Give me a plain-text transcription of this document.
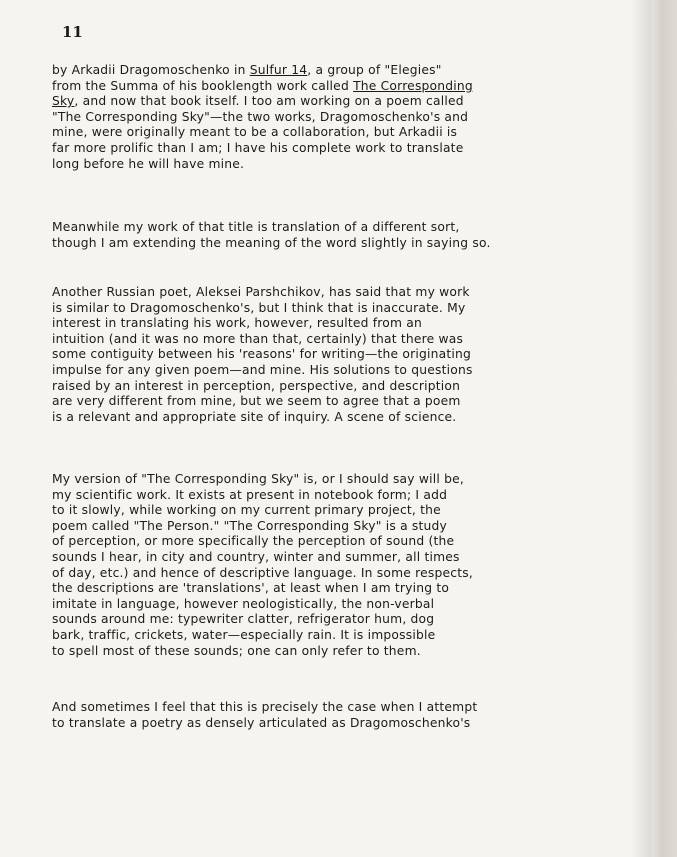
11

by Arkadii Dragomoschenko in Sulfur 14, a group of "Elegies"
from the Summa of his booklength work called The Corresponding
Sky, and now that book itself. I too am working on a poem called
"The Corresponding Sky"—the two works, Dragomoschenko's and
mine, were originally meant to be a collaboration, but Arkadii is
far more prolific than I am; I have his complete work to translate
long before he will have mine.

Meanwhile my work of that title is translation of a different sort,
though I am extending the meaning of the word slightly in saying so.

Another Russian poet, Aleksei Parshchikov, has said that my work
is similar to Dragomoschenko's, but I think that is inaccurate. My
interest in translating his work, however, resulted from an
intuition (and it was no more than that, certainly) that there was
some contiguity between his 'reasons' for writing—the originating
impulse for any given poem—and mine. His solutions to questions
raised by an interest in perception, perspective, and description
are very different from mine, but we seem to agree that a poem
is a relevant and appropriate site of inquiry. A scene of science.

My version of "The Corresponding Sky" is, or I should say will be,
my scientific work. It exists at present in notebook form; I add
to it slowly, while working on my current primary project, the
poem called "The Person." "The Corresponding Sky" is a study
of perception, or more specifically the perception of sound (the
sounds I hear, in city and country, winter and summer, all times
of day, etc.) and hence of descriptive language. In some respects,
the descriptions are 'translations', at least when I am trying to
imitate in language, however neologistically, the non-verbal
sounds around me: typewriter clatter, refrigerator hum, dog
bark, traffic, crickets, water—especially rain. It is impossible
to spell most of these sounds; one can only refer to them.

And sometimes I feel that this is precisely the case when I attempt
to translate a poetry as densely articulated as Dragomoschenko's
